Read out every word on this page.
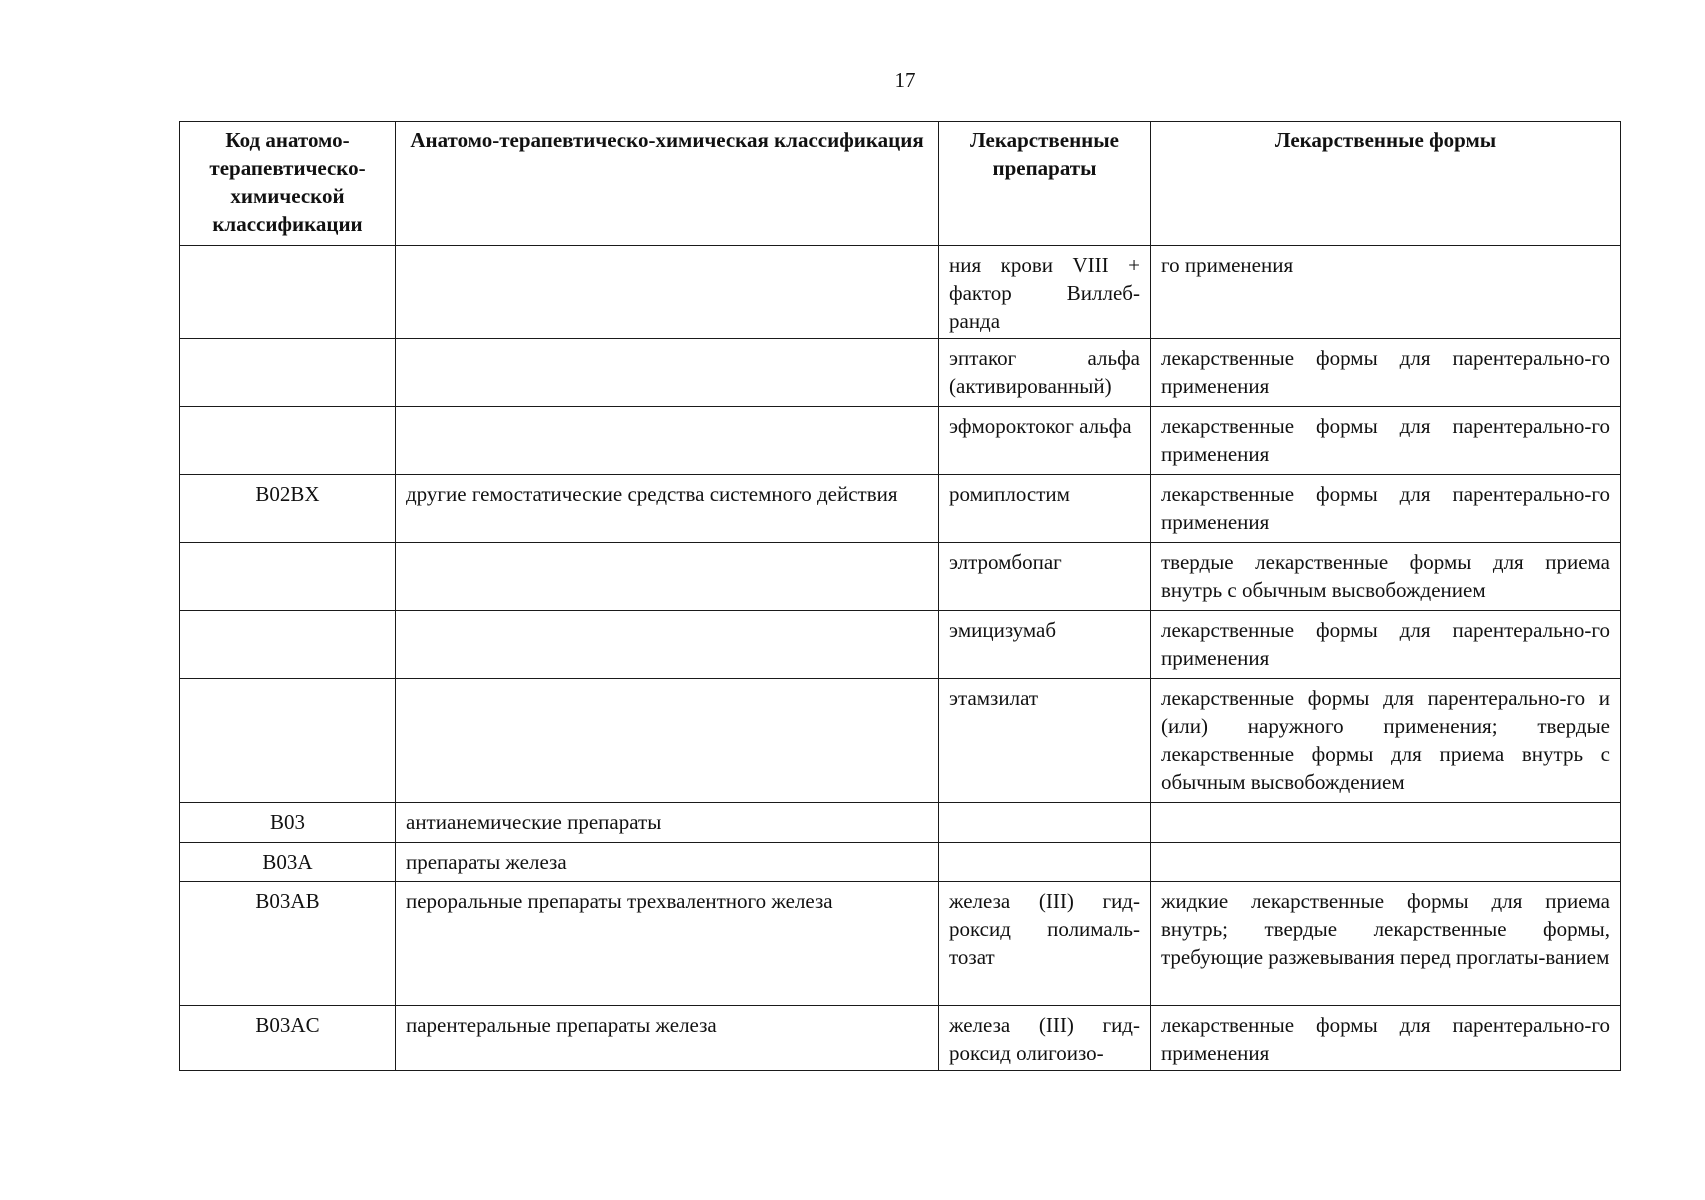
17
Код анатомо-терапевтическо-химической классификации	Анатомо-терапевтическо-химическая классификация	Лекарственные препараты	Лекарственные формы
		ния крови VIII + фактор Виллеб-ранда	го применения
		эптаког альфа (активированный)	лекарственные формы для парентерально-го применения
		эфмороктоког альфа	лекарственные формы для парентерально-го применения
B02BX	другие гемостатические средства системного действия	ромиплостим	лекарственные формы для парентерально-го применения
		элтромбопаг	твердые лекарственные формы для приема внутрь с обычным высвобождением
		эмицизумаб	лекарственные формы для парентерально-го применения
		этамзилат	лекарственные формы для парентерально-го и (или) наружного применения; твердые лекарственные формы для приема внутрь с обычным высвобождением
B03	антианемические препараты		
B03A	препараты железа		
B03AB	пероральные препараты трехвалентного железа	железа (III) гид-роксид полималь-тозат	жидкие лекарственные формы для приема внутрь; твердые лекарственные формы, требующие разжевывания перед проглаты-ванием
B03AC	парентеральные препараты железа	железа (III) гид-роксид олигоизо-	лекарственные формы для парентерально-го применения
